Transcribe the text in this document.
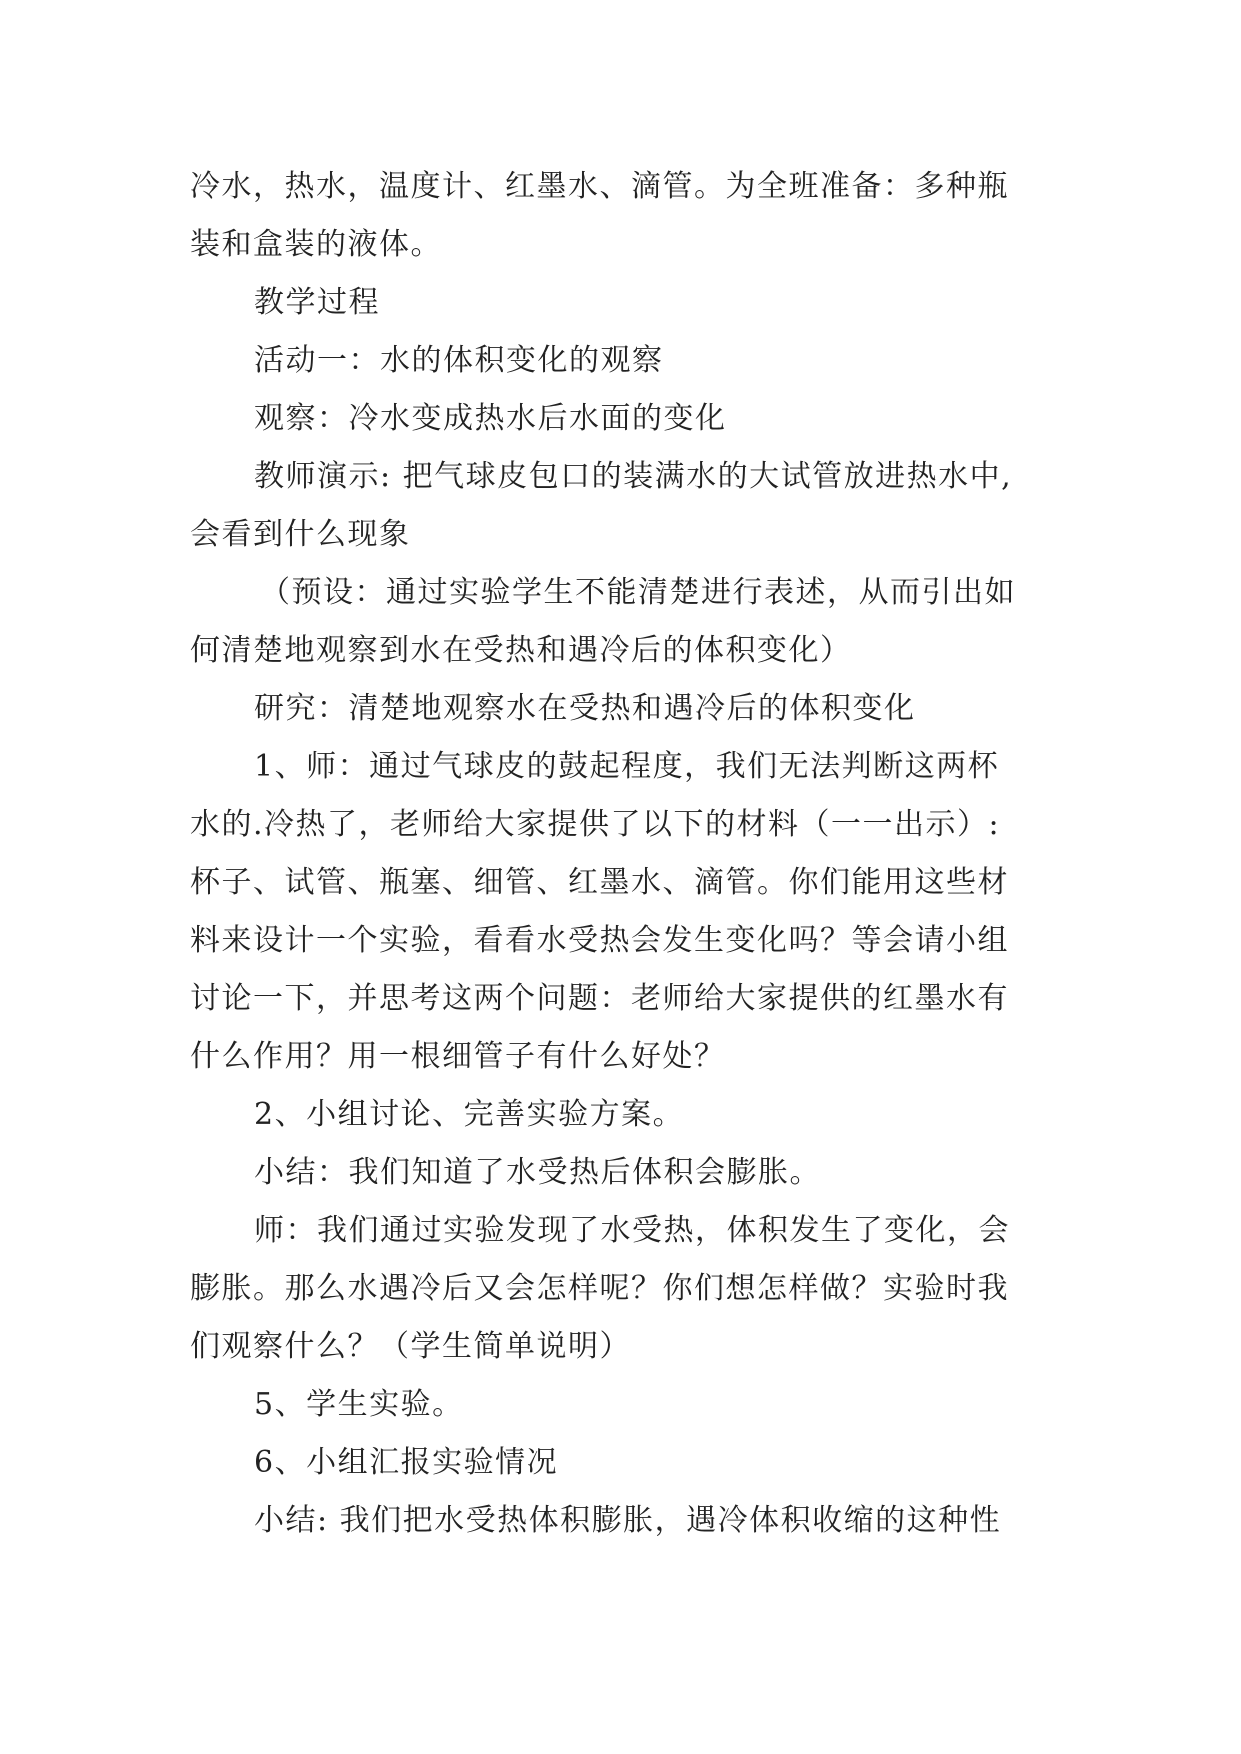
冷水，热水，温度计、红墨水、滴管。为全班准备：多种瓶
装和盒装的液体。
教学过程
活动一：水的体积变化的观察
观察：冷水变成热水后水面的变化
教师演示: 把气球皮包口的装满水的大试管放进热水中,
会看到什么现象
（预设：通过实验学生不能清楚进行表述，从而引出如
何清楚地观察到水在受热和遇冷后的体积变化）
研究：清楚地观察水在受热和遇冷后的体积变化
1、师：通过气球皮的鼓起程度，我们无法判断这两杯
水的.冷热了，老师给大家提供了以下的材料（一一出示）:
杯子、试管、瓶塞、细管、红墨水、滴管。你们能用这些材
料来设计一个实验，看看水受热会发生变化吗？等会请小组
讨论一下，并思考这两个问题：老师给大家提供的红墨水有
什么作用？用一根细管子有什么好处？
2、小组讨论、完善实验方案。
小结：我们知道了水受热后体积会膨胀。
师：我们通过实验发现了水受热，体积发生了变化，会
膨胀。那么水遇冷后又会怎样呢？你们想怎样做？实验时我
们观察什么？（学生简单说明）
5、学生实验。
6、小组汇报实验情况
小结: 我们把水受热体积膨胀，遇冷体积收缩的这种性
